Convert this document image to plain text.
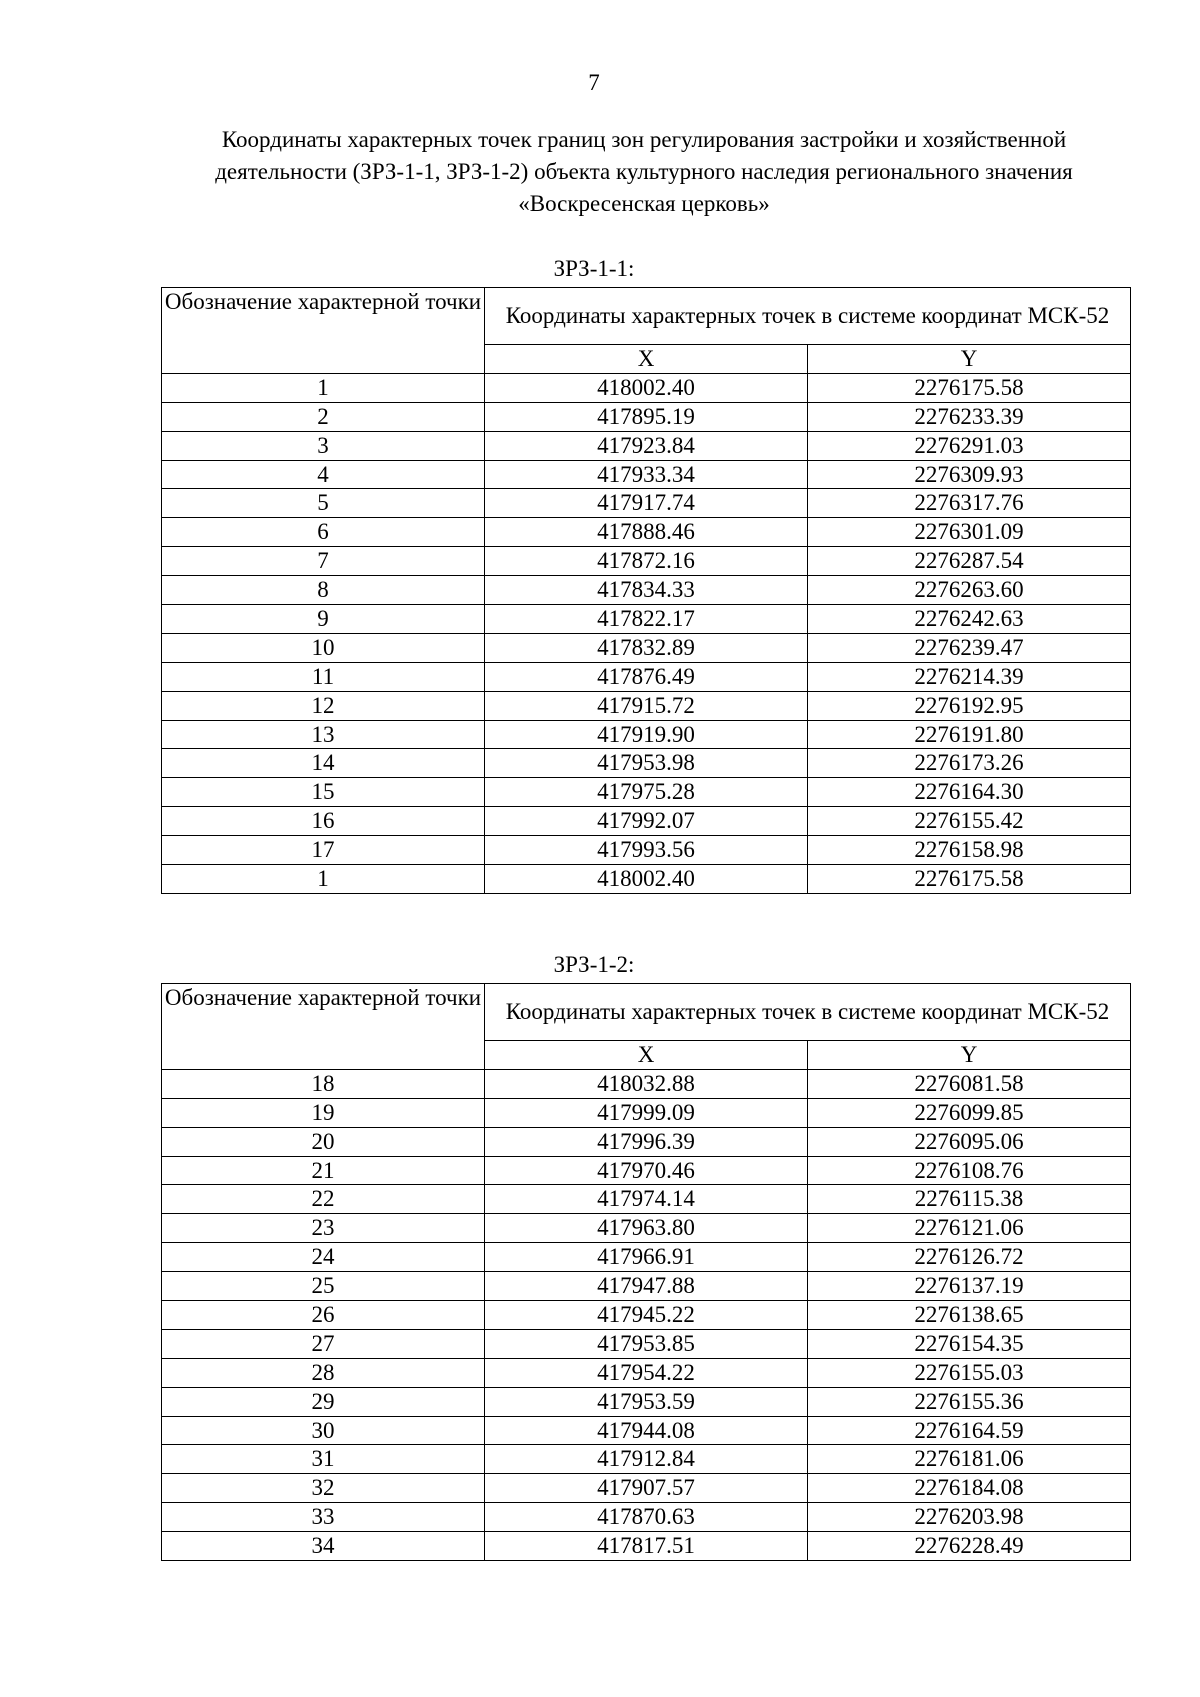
7
Координаты характерных точек границ зон регулирования застройки и хозяйственной
деятельности (ЗРЗ-1-1, ЗРЗ-1-2) объекта культурного наследия регионального значения
«Воскресенская церковь»
ЗРЗ-1-1:
Обозначение характерной точки	Координаты характерных точек в системе координат МСК-52	
	X	Y
1	418002.40	2276175.58
2	417895.19	2276233.39
3	417923.84	2276291.03
4	417933.34	2276309.93
5	417917.74	2276317.76
6	417888.46	2276301.09
7	417872.16	2276287.54
8	417834.33	2276263.60
9	417822.17	2276242.63
10	417832.89	2276239.47
11	417876.49	2276214.39
12	417915.72	2276192.95
13	417919.90	2276191.80
14	417953.98	2276173.26
15	417975.28	2276164.30
16	417992.07	2276155.42
17	417993.56	2276158.98
1	418002.40	2276175.58
ЗРЗ-1-2:
Обозначение характерной точки	Координаты характерных точек в системе координат МСК-52	
	X	Y
18	418032.88	2276081.58
19	417999.09	2276099.85
20	417996.39	2276095.06
21	417970.46	2276108.76
22	417974.14	2276115.38
23	417963.80	2276121.06
24	417966.91	2276126.72
25	417947.88	2276137.19
26	417945.22	2276138.65
27	417953.85	2276154.35
28	417954.22	2276155.03
29	417953.59	2276155.36
30	417944.08	2276164.59
31	417912.84	2276181.06
32	417907.57	2276184.08
33	417870.63	2276203.98
34	417817.51	2276228.49
